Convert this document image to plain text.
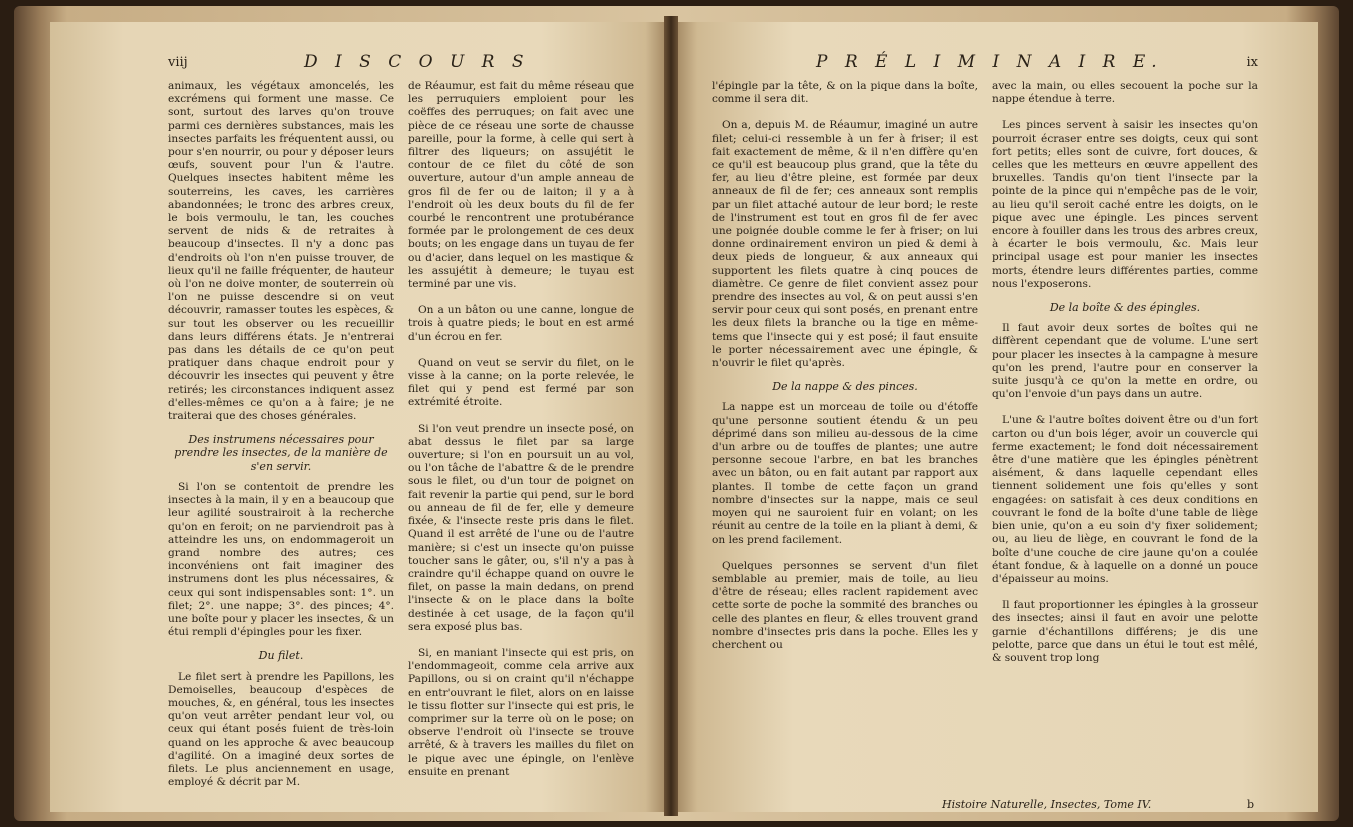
viij	D I S C O U R S

animaux, les végétaux amoncelés, les excrémens qui forment une masse. Ce sont, surtout des larves qu'on trouve parmi ces dernières substances, mais les insectes parfaits les fréquentent aussi, ou pour s'en nourrir, ou pour y déposer leurs œufs, souvent pour l'un & l'autre. Quelques insectes habitent même les souterreins, les caves, les carrières abandonnées; le tronc des arbres creux, le bois vermoulu, le tan, les couches servent de nids & de retraites à beaucoup d'insectes. Il n'y a donc pas d'endroits où l'on n'en puisse trouver, de lieux qu'il ne faille fréquenter, de hauteur où l'on ne doive monter, de souterrein où l'on ne puisse descendre si on veut découvrir, ramasser toutes les espèces, & sur tout les observer ou les recueillir dans leurs différens états. Je n'entrerai pas dans les détails de ce qu'on peut pratiquer dans chaque endroit pour y découvrir les insectes qui peuvent y être retirés; les circonstances indiquent assez d'elles-mêmes ce qu'on a à faire; je ne traiterai que des choses générales.

Des instrumens nécessaires pour prendre les insectes, de la manière de s'en servir.

Si l'on se contentoit de prendre les insectes à la main, il y en a beaucoup que leur agilité soustrairoit à la recherche qu'on en feroit; on ne parviendroit pas à atteindre les uns, on endommageroit un grand nombre des autres; ces inconvéniens ont fait imaginer des instrumens dont les plus nécessaires, & ceux qui sont indispensables sont: 1°. un filet; 2°. une nappe; 3°. des pinces; 4°. une boîte pour y placer les insectes, & un étui rempli d'épingles pour les fixer.

Du filet.

Le filet sert à prendre les Papillons, les Demoiselles, beaucoup d'espèces de mouches, &, en général, tous les insectes qu'on veut arrêter pendant leur vol, ou ceux qui étant posés fuient de très-loin quand on les approche & avec beaucoup d'agilité. On a imaginé deux sortes de filets. Le plus anciennement en usage, employé & décrit par M.

de Réaumur, est fait du même réseau que les perruquiers emploient pour les coëffes des perruques; on fait avec une pièce de ce réseau une sorte de chausse pareille, pour la forme, à celle qui sert à filtrer des liqueurs; on assujétit le contour de ce filet du côté de son ouverture, autour d'un ample anneau de gros fil de fer ou de laiton; il y a à l'endroit où les deux bouts du fil de fer courbé le rencontrent une protubérance formée par le prolongement de ces deux bouts; on les engage dans un tuyau de fer ou d'acier, dans lequel on les mastique & les assujétit à demeure; le tuyau est terminé par une vis.

On a un bâton ou une canne, longue de trois à quatre pieds; le bout en est armé d'un écrou en fer.

Quand on veut se servir du filet, on le visse à la canne; on la porte relevée, le filet qui y pend est fermé par son extrémité étroite.

Si l'on veut prendre un insecte posé, on abat dessus le filet par sa large ouverture; si l'on en poursuit un au vol, ou l'on tâche de l'abattre & de le prendre sous le filet, ou d'un tour de poignet on fait revenir la partie qui pend, sur le bord ou anneau de fil de fer, elle y demeure fixée, & l'insecte reste pris dans le filet. Quand il est arrêté de l'une ou de l'autre manière; si c'est un insecte qu'on puisse toucher sans le gâter, ou, s'il n'y a pas à craindre qu'il échappe quand on ouvre le filet, on passe la main dedans, on prend l'insecte & on le place dans la boîte destinée à cet usage, de la façon qu'il sera exposé plus bas.

Si, en maniant l'insecte qui est pris, on l'endommageoit, comme cela arrive aux Papillons, ou si on craint qu'il n'échappe en entr'ouvrant le filet, alors on en laisse le tissu flotter sur l'insecte qui est pris, le comprimer sur la terre où on le pose; on observe l'endroit où l'insecte se trouve arrêté, & à travers les mailles du filet on le pique avec une épingle, on l'enlève ensuite en prenant

P R É L I M I N A I R E.	ix

l'épingle par la tête, & on la pique dans la boîte, comme il sera dit.

On a, depuis M. de Réaumur, imaginé un autre filet; celui-ci ressemble à un fer à friser; il est fait exactement de même, & il n'en diffère qu'en ce qu'il est beaucoup plus grand, que la tête du fer, au lieu d'être pleine, est formée par deux anneaux de fil de fer; ces anneaux sont remplis par un filet attaché autour de leur bord; le reste de l'instrument est tout en gros fil de fer avec une poignée double comme le fer à friser; on lui donne ordinairement environ un pied & demi à deux pieds de longueur, & aux anneaux qui supportent les filets quatre à cinq pouces de diamètre. Ce genre de filet convient assez pour prendre des insectes au vol, & on peut aussi s'en servir pour ceux qui sont posés, en prenant entre les deux filets la branche ou la tige en même-tems que l'insecte qui y est posé; il faut ensuite le porter nécessairement avec une épingle, & n'ouvrir le filet qu'après.

De la nappe & des pinces.

La nappe est un morceau de toile ou d'étoffe qu'une personne soutient étendu & un peu déprimé dans son milieu au-dessous de la cime d'un arbre ou de touffes de plantes; une autre personne secoue l'arbre, en bat les branches avec un bâton, ou en fait autant par rapport aux plantes. Il tombe de cette façon un grand nombre d'insectes sur la nappe, mais ce seul moyen qui ne sauroient fuir en volant; on les réunit au centre de la toile en la pliant à demi, & on les prend facilement.

Quelques personnes se servent d'un filet semblable au premier, mais de toile, au lieu d'être de réseau; elles raclent rapidement avec cette sorte de poche la sommité des branches ou celle des plantes en fleur, & elles trouvent grand nombre d'insectes pris dans la poche. Elles les y cherchent ou

avec la main, ou elles secouent la poche sur la nappe étendue à terre.

Les pinces servent à saisir les insectes qu'on pourroit écraser entre ses doigts, ceux qui sont fort petits; elles sont de cuivre, fort douces, & celles que les metteurs en œuvre appellent des bruxelles. Tandis qu'on tient l'insecte par la pointe de la pince qui n'empêche pas de le voir, au lieu qu'il seroit caché entre les doigts, on le pique avec une épingle. Les pinces servent encore à fouiller dans les trous des arbres creux, à écarter le bois vermoulu, &c. Mais leur principal usage est pour manier les insectes morts, étendre leurs différentes parties, comme nous l'exposerons.

De la boîte & des épingles.

Il faut avoir deux sortes de boîtes qui ne diffèrent cependant que de volume. L'une sert pour placer les insectes à la campagne à mesure qu'on les prend, l'autre pour en conserver la suite jusqu'à ce qu'on la mette en ordre, ou qu'on l'envoie d'un pays dans un autre.

L'une & l'autre boîtes doivent être ou d'un fort carton ou d'un bois léger, avoir un couvercle qui ferme exactement; le fond doit nécessairement être d'une matière que les épingles pénètrent aisément, & dans laquelle cependant elles tiennent solidement une fois qu'elles y sont engagées: on satisfait à ces deux conditions en couvrant le fond de la boîte d'une table de liège bien unie, qu'on a eu soin d'y fixer solidement; ou, au lieu de liège, en couvrant le fond de la boîte d'une couche de cire jaune qu'on a coulée étant fondue, & à laquelle on a donné un pouce d'épaisseur au moins.

Il faut proportionner les épingles à la grosseur des insectes; ainsi il faut en avoir une pelotte garnie d'échantillons différens; je dis une pelotte, parce que dans un étui le tout est mêlé, & souvent trop long

Histoire Naturelle, Insectes, Tome IV.	b
